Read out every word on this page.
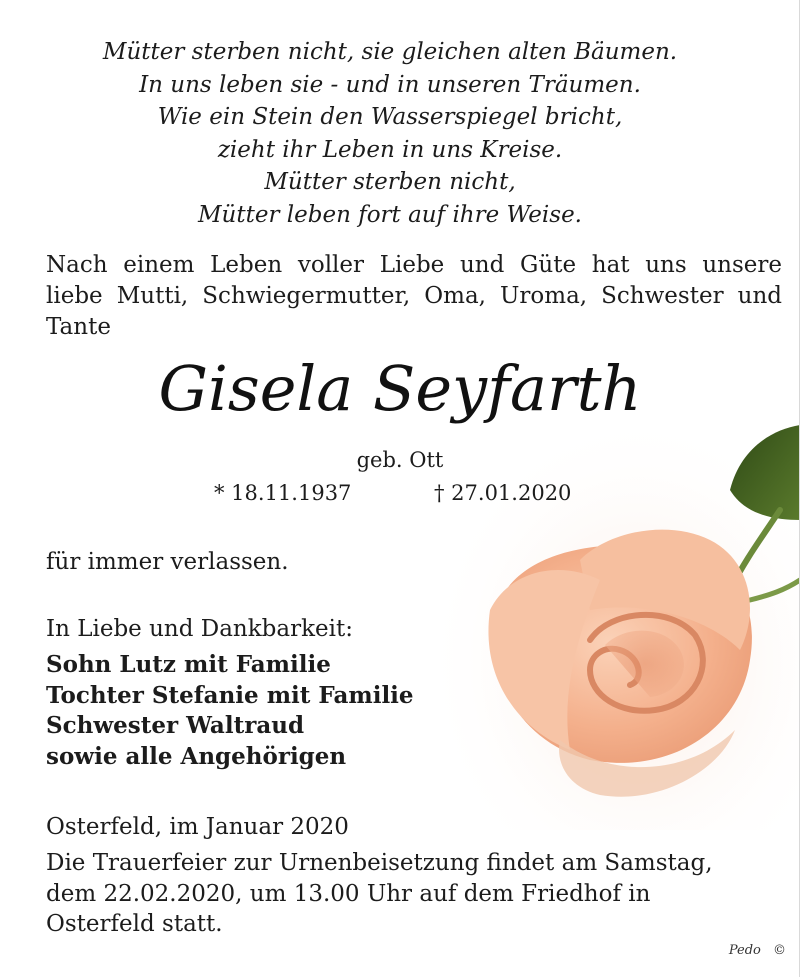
Mütter sterben nicht, sie gleichen alten Bäumen.
In uns leben sie - und in unseren Träumen.
Wie ein Stein den Wasserspiegel bricht,
zieht ihr Leben in uns Kreise.
Mütter sterben nicht,
Mütter leben fort auf ihre Weise.
Nach einem Leben voller Liebe und Güte hat uns unsere
liebe Mutti, Schwiegermutter, Oma, Uroma, Schwester und
Tante
Gisela Seyfarth
geb. Ott
* 18.11.1937	† 27.01.2020
für immer verlassen.
In Liebe und Dankbarkeit:
Sohn Lutz mit Familie
Tochter Stefanie mit Familie
Schwester Waltraud
sowie alle Angehörigen
Osterfeld, im Januar 2020
Die Trauerfeier zur Urnenbeisetzung findet am Samstag,
dem 22.02.2020, um 13.00 Uhr auf dem Friedhof in
Osterfeld statt.
Pedo ©
